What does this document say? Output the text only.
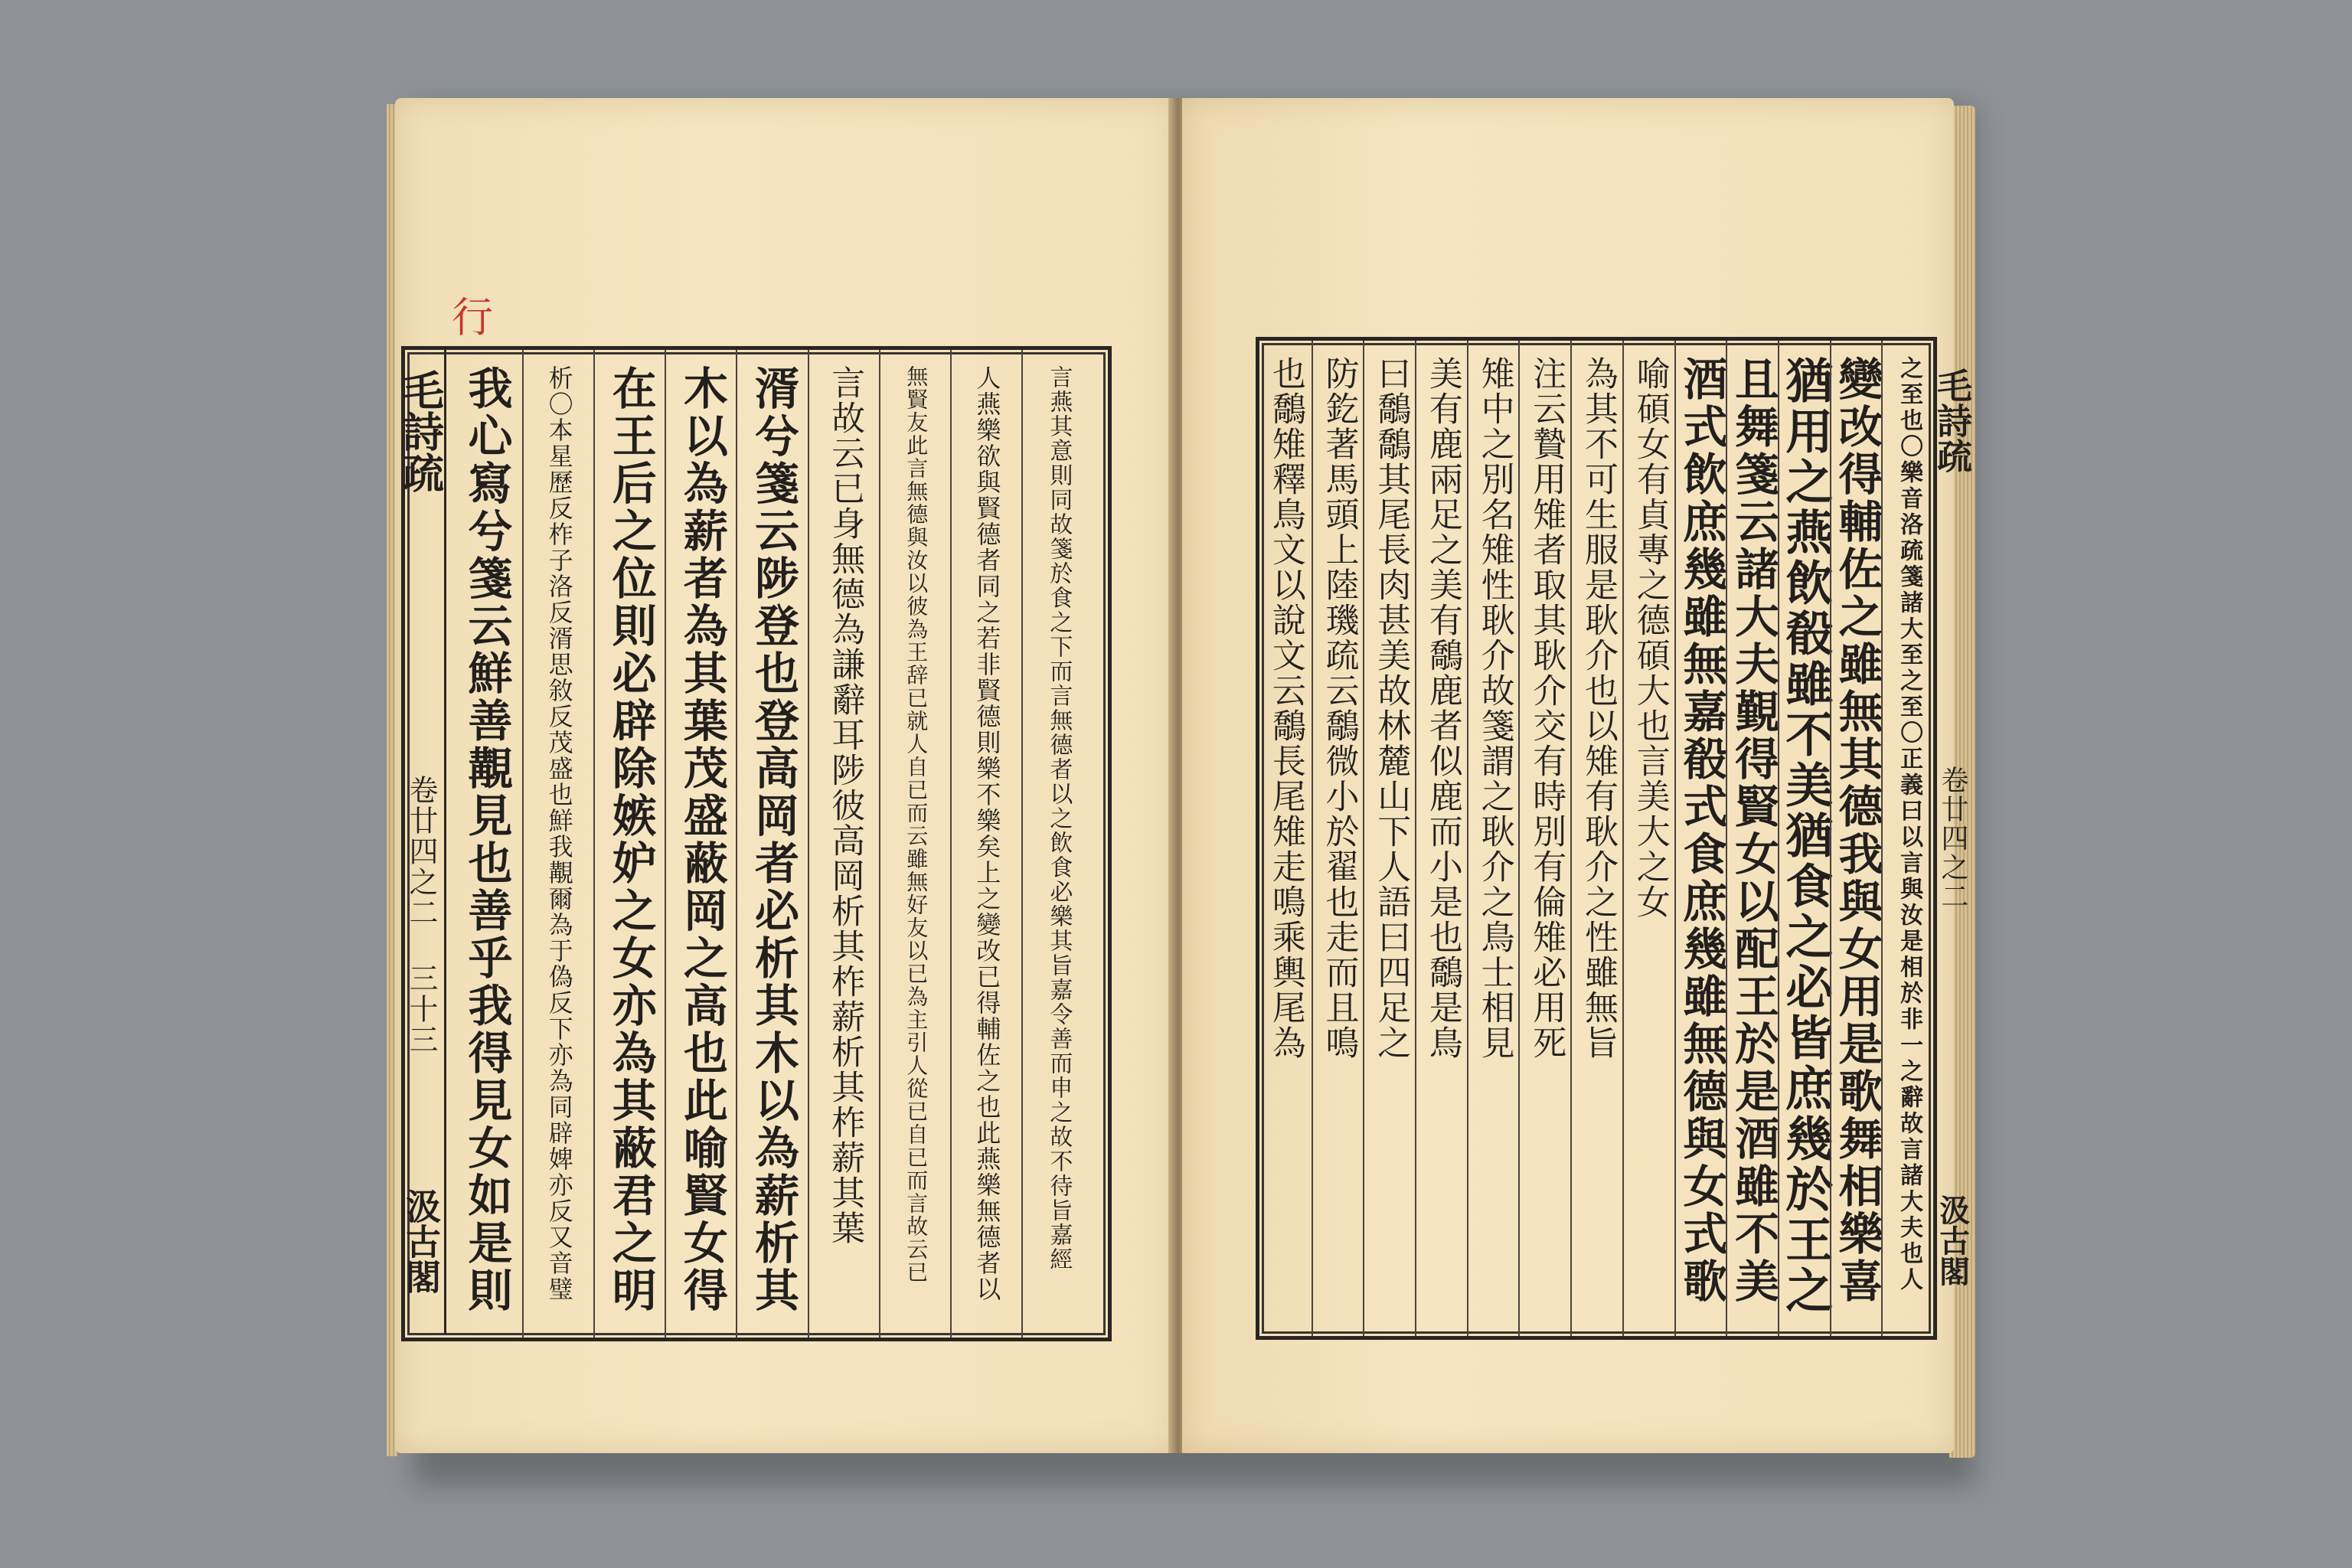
行
我心寫兮箋云鮮善覯見也善乎我得見女如是則	析〇本星歷反柞子洛反湑思敘反茂盛也鮮我覯爾為于偽反下亦為同辟婢亦反又音璧 在王后之位則必辟除嫉妒之女亦為其蔽君之明 木以為薪者為其葉茂盛蔽岡之高也此喻賢女得 湑兮箋云陟登也登高岡者必析其木以為薪析其 言故云已身無德為謙辭耳陟彼高岡析其柞薪析其柞薪其葉 無賢友此言無德與汝以彼為王辞已就人自已而云雖無好友以已為主引人從已自已而言故云已 人燕樂欲與賢德者同之若非賢德則樂不樂矣上之變改已得輔佐之也此燕樂無德者以 言燕其意則同故箋於食之下而言無德者以之飲食必樂其旨嘉令善而申之故不待旨嘉經
毛詩疏
卷廿四之二 三十三
汲古閣
也鷮雉釋鳥文以說文云鷮長尾雉走鳴乘輿尾為 防釳著馬頭上陸璣疏云鷮微小於翟也走而且鳴 曰鷮鷮其尾長肉甚美故林麓山下人語曰四足之 美有鹿兩足之美有鷮鹿者似鹿而小是也鷮是鳥 雉中之別名雉性耿介故箋謂之耿介之鳥士相見 注云贄用雉者取其耿介交有時別有倫雉必用死 為其不可生服是耿介也以雉有耿介之性雖無旨 喻碩女有貞專之德碩大也言美大之女 酒式飲庶幾雖無嘉殽式食庶幾雖無德與女式歌 且舞箋云諸大夫覲得賢女以配王於是酒雖不美
猶用之燕飲殽雖不美猶食之必皆庶幾於王之
變改得輔佐之雖無其德我與女用是歌舞相樂喜 之至也〇樂音洛疏箋諸大至之至〇正義曰以言與汝是相於非一之辭故言諸大夫也人 毛詩疏
卷廿四之二
汲古閣
